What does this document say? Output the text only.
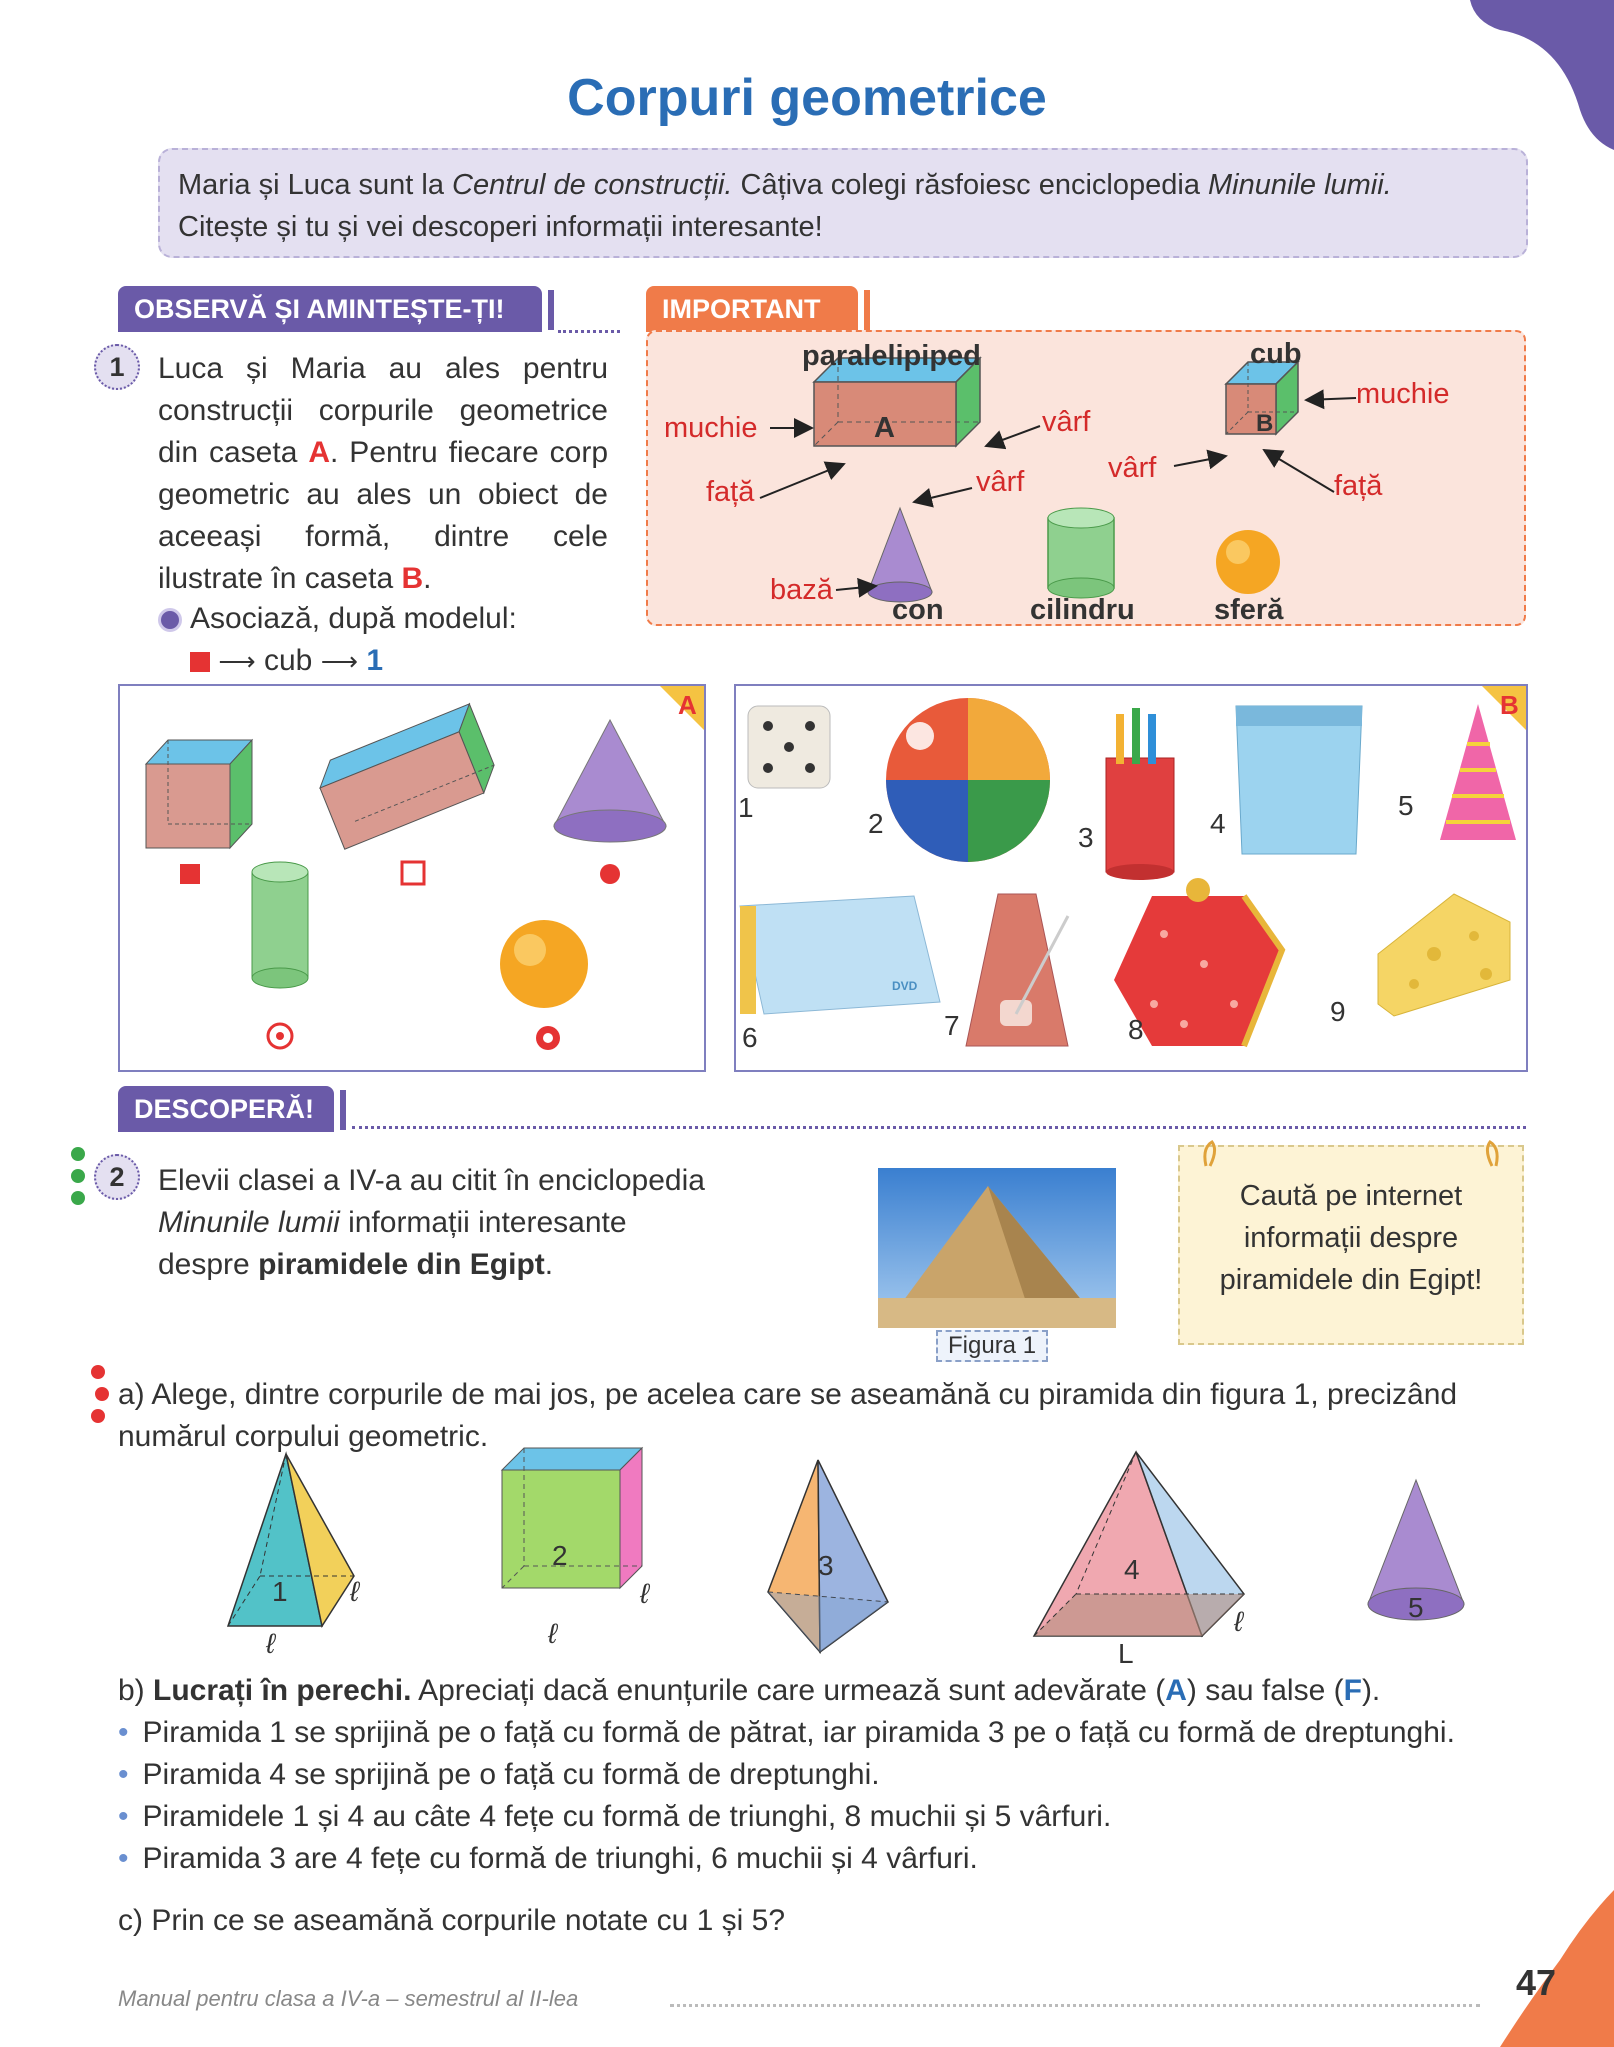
Corpuri geometrice
Maria și Luca sunt la Centrul de construcții. Câțiva colegi răsfoiesc enciclopedia Minunile lumii.
Citește și tu și vei descoperi informații interesante!
OBSERVĂ ȘI AMINTEȘTE-ȚI!	IMPORTANT
1	Luca și Maria au ales pentru construcții corpurile geometrice din caseta A. Pentru fiecare corp geometric au ales un obiect de aceeași formă, dintre cele ilustrate în caseta B.
Asociază, după modelul:
⟶ cub ⟶ 1
paralelipiped	cub
muchie
muchie
vârf
vârf	vârf
față	față
bază
A	B
con	cilindru	sferă
A	B
DVD
1
2	3	4
5
6	7	8
9
DESCOPERĂ!
2	Elevii clasei a IV-a au citit în enciclopedia
Minunile lumii informații interesante
despre piramidele din Egipt.
Figura 1
Caută pe internet informații despre piramidele din Egipt!
a) Alege, dintre corpurile de mai jos, pe acelea care se aseamănă cu piramida din figura 1, precizând numărul corpului geometric.
1
2	3	4
5
ℓ
ℓ
ℓ
ℓ	ℓ
L
b) Lucrați în perechi. Apreciați dacă enunțurile care urmează sunt adevărate (A) sau false (F).
• Piramida 1 se sprijină pe o față cu formă de pătrat, iar piramida 3 pe o față cu formă de dreptunghi.
• Piramida 4 se sprijină pe o față cu formă de dreptunghi.
• Piramidele 1 și 4 au câte 4 fețe cu formă de triunghi, 8 muchii și 5 vârfuri.
• Piramida 3 are 4 fețe cu formă de triunghi, 6 muchii și 4 vârfuri.
c) Prin ce se aseamănă corpurile notate cu 1 și 5?
Manual pentru clasa a IV-a – semestrul al II-lea	47
